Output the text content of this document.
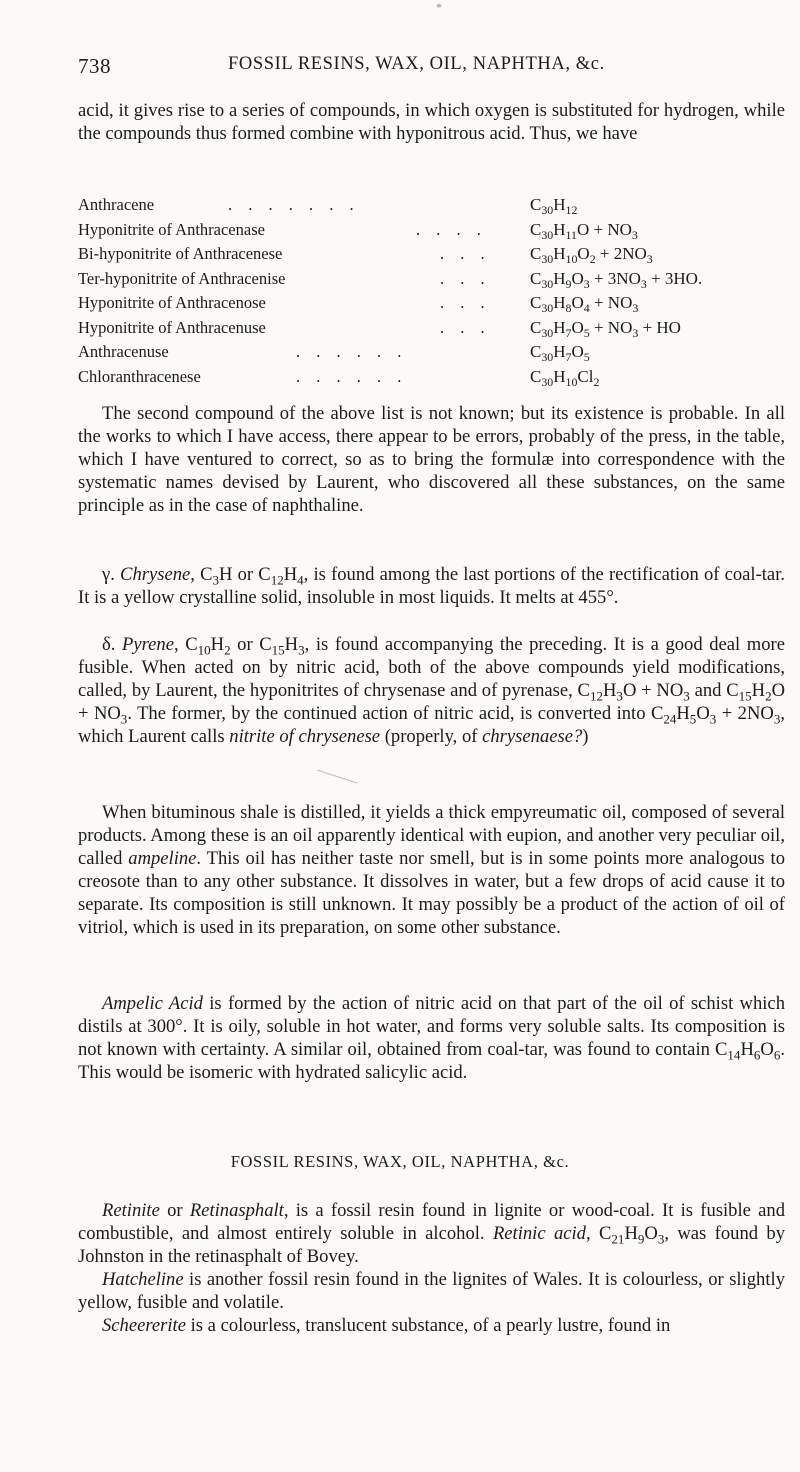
*
738	FOSSIL RESINS, WAX, OIL, NAPHTHA, &c.

acid, it gives rise to a series of compounds, in which oxygen is substituted for hydrogen, while the compounds thus formed combine with hyponitrous acid. Thus, we have

Anthracene	. . . . . . .	$C_{30}H_{12}$
Hyponitrite of Anthracenase	. . . .	$C_{30}H_{11}O + NO_3$
Bi-hyponitrite of Anthracenese	. . .	$C_{30}H_{10}O_2 + 2NO_3$
Ter-hyponitrite of Anthracenise	. . .	$C_{30}H_9O_3 + 3NO_3 + 3HO$.
Hyponitrite of Anthracenose	. . .	$C_{30}H_8O_4 + NO_3$
Hyponitrite of Anthracenuse	. . .	$C_{30}H_7O_5 + NO_3$ + HO
Anthracenuse	. . . . . .	$C_{30}H_7O_5$
Chloranthracenese	. . . . . .	$C_{30}H_{10}Cl_2$

The second compound of the above list is not known; but its existence is probable. In all the works to which I have access, there appear to be errors, probably of the press, in the table, which I have ventured to correct, so as to bring the formulæ into correspondence with the systematic names devised by Laurent, who discovered all these substances, on the same principle as in the case of naphthaline.

γ. Chrysene, $C_3H$ or $C_{12}H_4$, is found among the last portions of the rectification of coal-tar. It is a yellow crystalline solid, insoluble in most liquids. It melts at 455°.

δ. Pyrene, $C_{10}H_2$ or $C_{15}H_3$, is found accompanying the preceding. It is a good deal more fusible. When acted on by nitric acid, both of the above compounds yield modifications, called, by Laurent, the hyponitrites of chrysenase and of pyrenase, $C_{12}H_3O + NO_3$ and $C_{15}H_2O + NO_3$. The former, by the continued action of nitric acid, is converted into $C_{24}H_5O_3 + 2NO_3$, which Laurent calls nitrite of chrysenese (properly, of chrysenaese?)

When bituminous shale is distilled, it yields a thick empyreumatic oil, composed of several products. Among these is an oil apparently identical with eupion, and another very peculiar oil, called ampeline. This oil has neither taste nor smell, but is in some points more analogous to creosote than to any other substance. It dissolves in water, but a few drops of acid cause it to separate. Its composition is still unknown. It may possibly be a product of the action of oil of vitriol, which is used in its preparation, on some other substance.

Ampelic Acid is formed by the action of nitric acid on that part of the oil of schist which distils at 300°. It is oily, soluble in hot water, and forms very soluble salts. Its composition is not known with certainty. A similar oil, obtained from coal-tar, was found to contain $C_{14}H_6O_6$. This would be isomeric with hydrated salicylic acid.

FOSSIL RESINS, WAX, OIL, NAPHTHA, &c.

Retinite or Retinasphalt, is a fossil resin found in lignite or wood-coal. It is fusible and combustible, and almost entirely soluble in alcohol. Retinic acid, $C_{21}H_9O_3$, was found by Johnston in the retinasphalt of Bovey.

Hatcheline is another fossil resin found in the lignites of Wales. It is colourless, or slightly yellow, fusible and volatile.

Scheererite is a colourless, translucent substance, of a pearly lustre, found in
